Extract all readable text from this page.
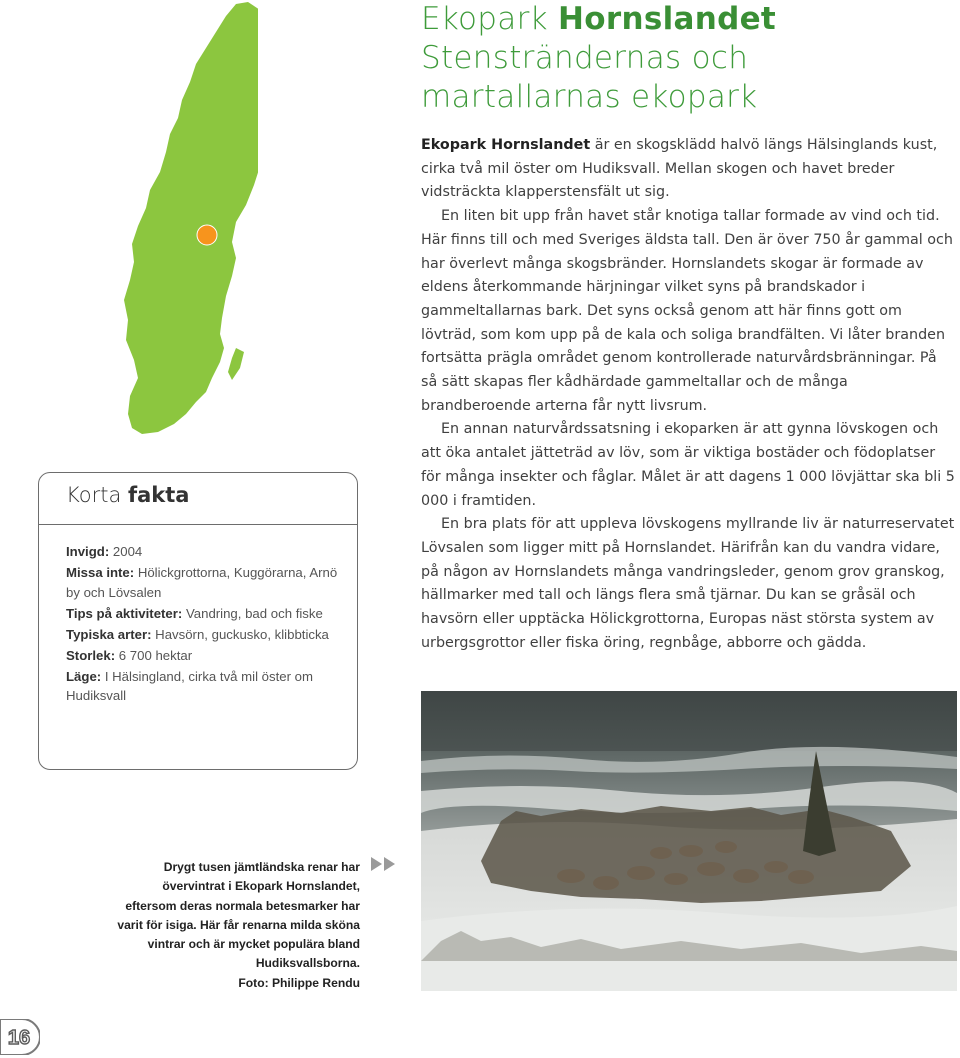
Ekopark Hornslandet
Stensträndernas och
martallarnas ekopark

Ekopark Hornslandet är en skogsklädd halvö längs Hälsinglands kust, cirka två mil öster om Hudiksvall. Mellan skogen och havet breder vidsträckta klapperstensfält ut sig.

En liten bit upp från havet står knotiga tallar formade av vind och tid. Här finns till och med Sveriges äldsta tall. Den är över 750 år gammal och har överlevt många skogsbränder. Hornslandets skogar är formade av eldens återkommande härjningar vilket syns på brandskador i gammeltallarnas bark. Det syns också genom att här finns gott om lövträd, som kom upp på de kala och soliga brandfälten. Vi låter branden fortsätta prägla området genom kontrollerade naturvårdsbränningar. På så sätt skapas fler kådhärdade gammeltallar och de många brandberoende arterna får nytt livsrum.

En annan naturvårdssatsning i ekoparken är att gynna lövskogen och att öka antalet jätteträd av löv, som är viktiga bostäder och födoplatser för många insekter och fåglar. Målet är att dagens 1 000 lövjättar ska bli 5 000 i framtiden.

En bra plats för att uppleva lövskogens myllrande liv är naturreservatet Lövsalen som ligger mitt på Hornslandet. Härifrån kan du vandra vidare, på någon av Hornslandets många vandringsleder, genom grov granskog, hällmarker med tall och längs flera små tjärnar. Du kan se gråsäl och havsörn eller upptäcka Hölickgrottorna, Europas näst största system av urbergsgrottor eller fiska öring, regnbåge, abborre och gädda.

Korta fakta
Invigd: 2004
Missa inte: Hölickgrottorna, Kuggörarna, Arnö by och Lövsalen
Tips på aktiviteter: Vandring, bad och fiske
Typiska arter: Havsörn, guckusko, klibbticka
Storlek: 6 700 hektar
Läge: I Hälsingland, cirka två mil öster om Hudiksvall
Drygt tusen jämtländska renar har övervintrat i Ekopark Hornslandet, eftersom deras normala betesmarker har varit för isiga. Här får renarna milda sköna vintrar och är mycket populära bland Hudiksvallsborna.
Foto: Philippe Rendu
16
